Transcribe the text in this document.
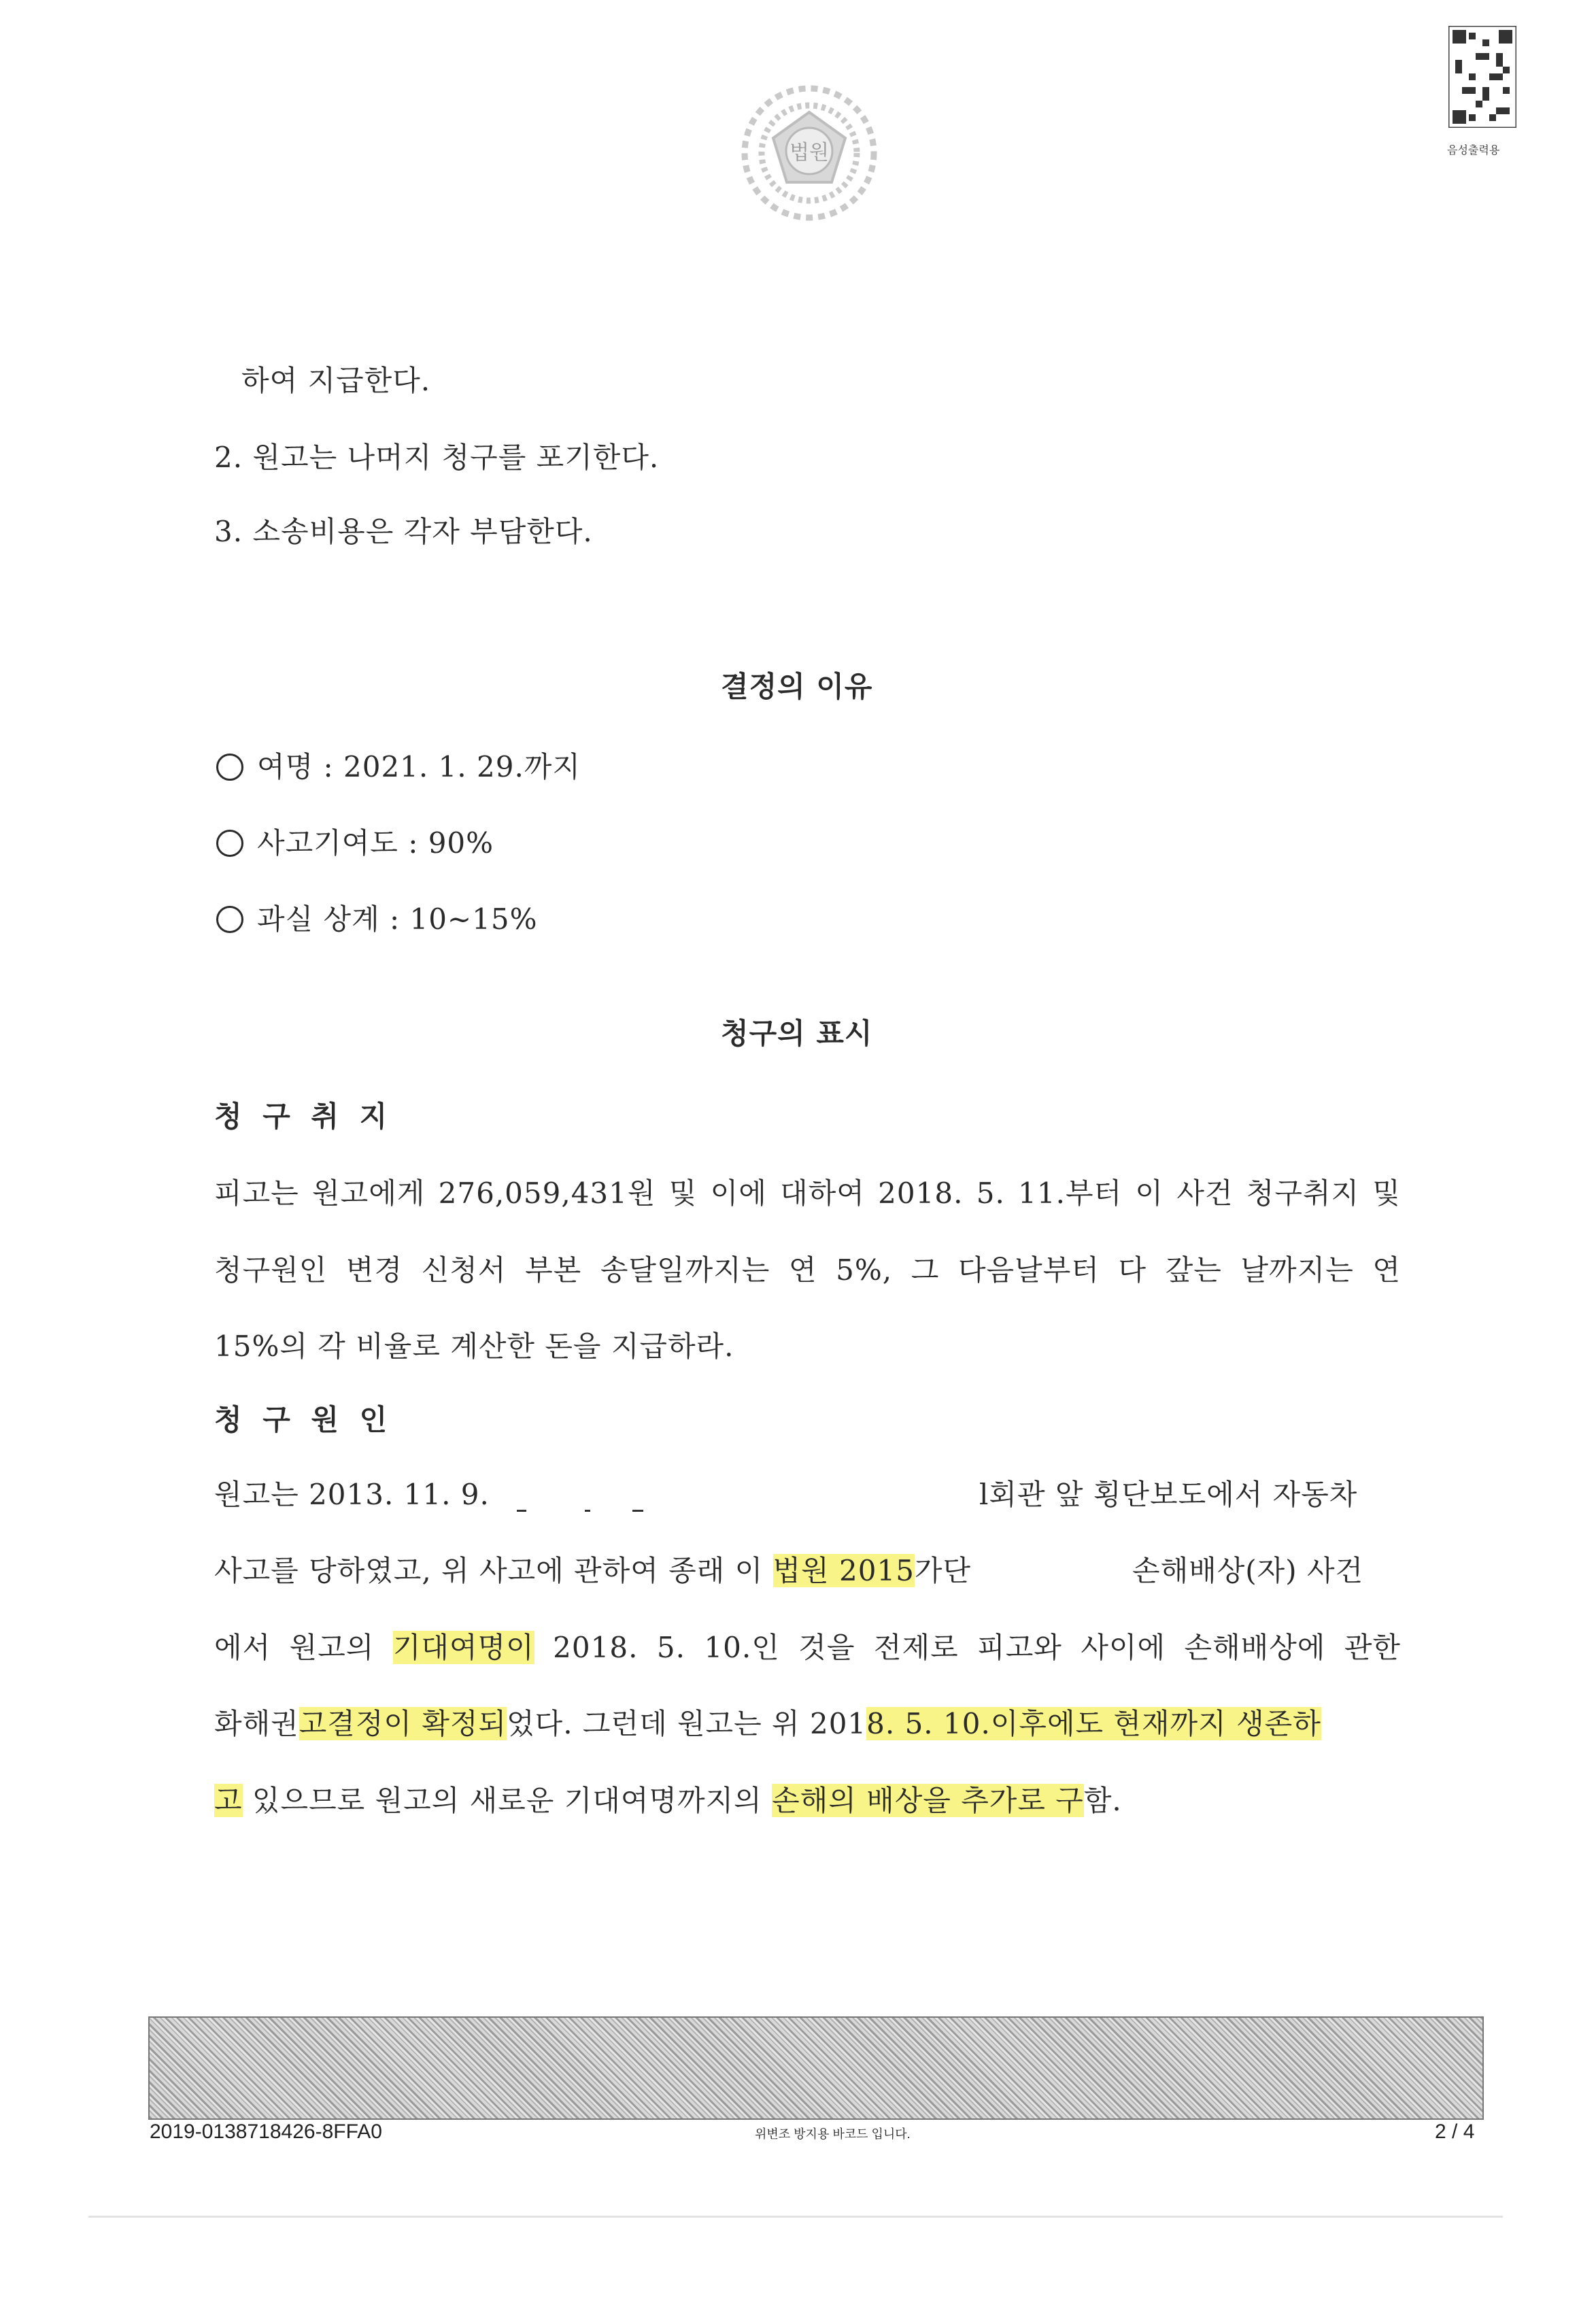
법원	음성출력용
하여 지급한다.
2. 원고는 나머지 청구를 포기한다.
3. 소송비용은 각자 부담한다.
결정의 이유
여명 : 2021. 1. 29.까지
사고기여도 : 90%
과실 상계 : 10~15%
청구의 표시
청 구 취 지
피고는 원고에게 276,059,431원 및 이에 대하여 2018. 5. 11.부터 이 사건 청구취지 및
청구원인 변경 신청서 부본 송달일까지는 연 5%, 그 다음날부터 다 갚는 날까지는 연
15%의 각 비율로 계산한 돈을 지급하라.
청 구 원 인
원고는 2013. 11. 9.	l회관 앞 횡단보도에서 자동차
사고를 당하였고, 위 사고에 관하여 종래 이 법원 2015가단	손해배상(자) 사건
에서 원고의 기대여명이 2018. 5. 10.인 것을 전제로 피고와 사이에 손해배상에 관한
화해권고결정이 확정되었다. 그런데 원고는 위 2018. 5. 10.이후에도 현재까지 생존하
고 있으므로 원고의 새로운 기대여명까지의 손해의 배상을 추가로 구함.
2019-0138718426-8FFA0	위변조 방지용 바코드 입니다.	2 / 4
